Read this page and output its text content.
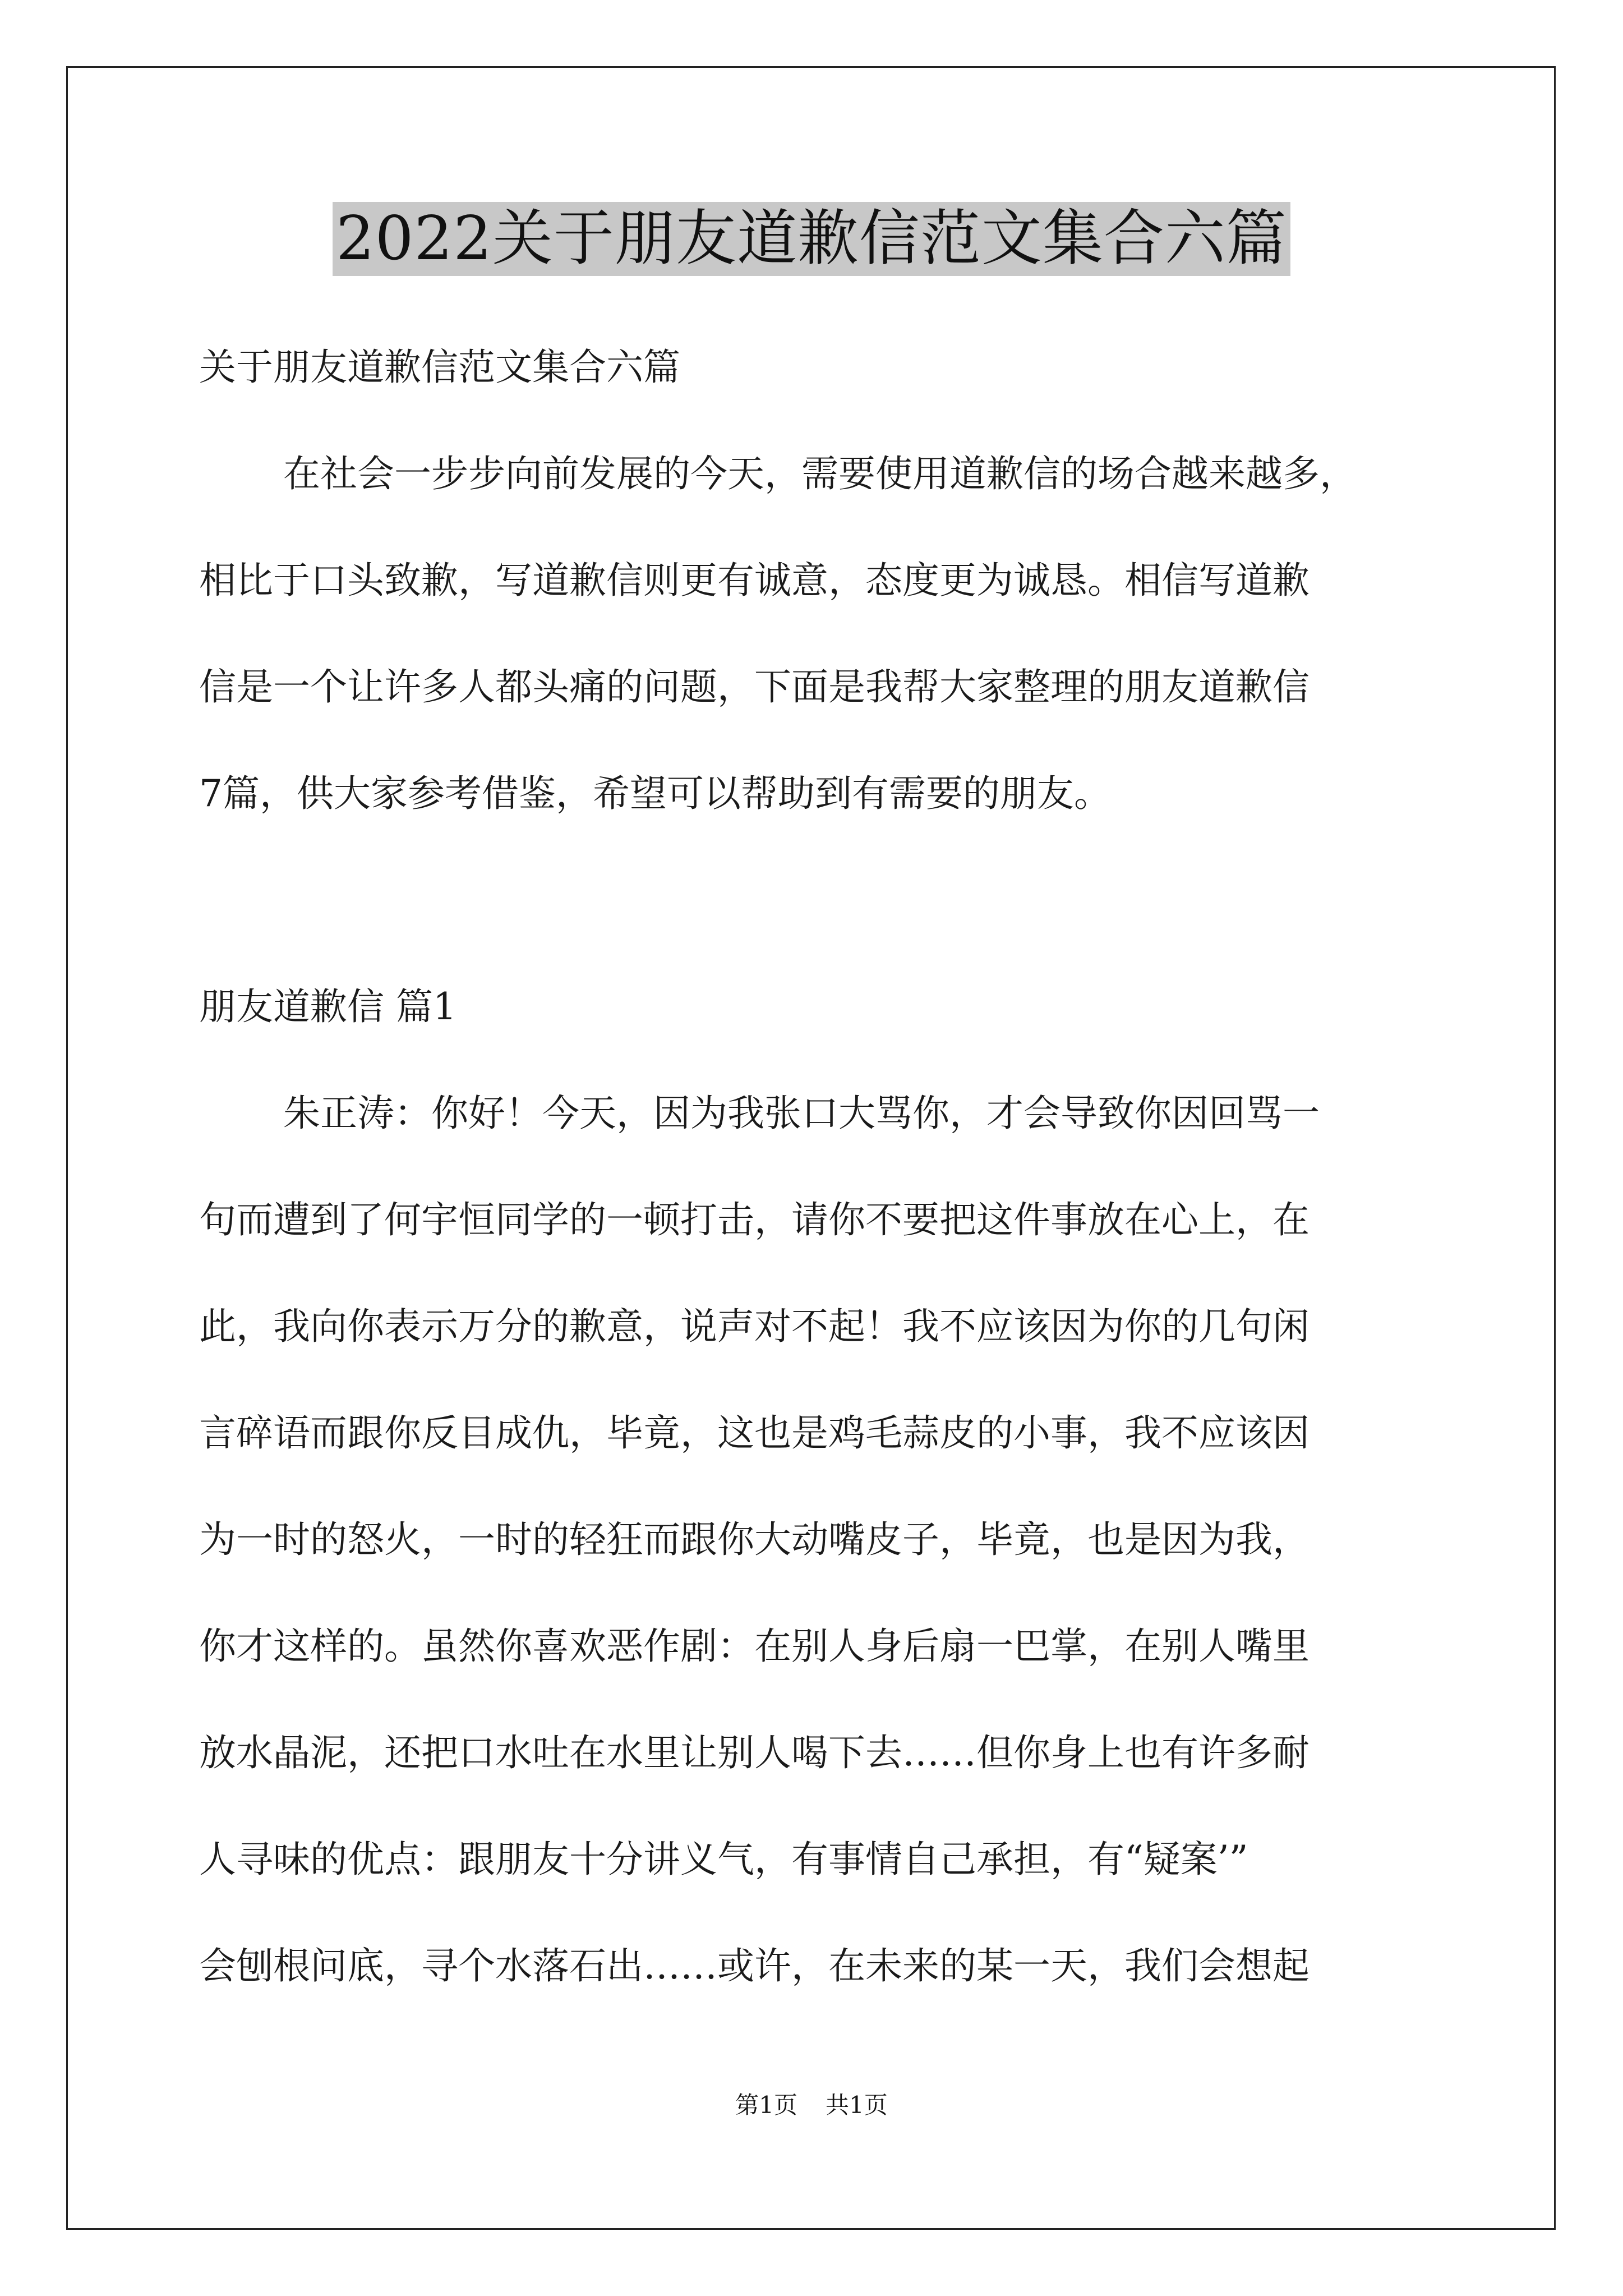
2022关于朋友道歉信范文集合六篇
关于朋友道歉信范文集合六篇
在社会一步步向前发展的今天，需要使用道歉信的场合越来越多，
相比于口头致歉，写道歉信则更有诚意，态度更为诚恳。相信写道歉
信是一个让许多人都头痛的问题，下面是我帮大家整理的朋友道歉信
7篇，供大家参考借鉴，希望可以帮助到有需要的朋友。
朋友道歉信 篇1
朱正涛：你好！今天，因为我张口大骂你，才会导致你因回骂一
句而遭到了何宇恒同学的一顿打击，请你不要把这件事放在心上，在
此，我向你表示万分的歉意，说声对不起！我不应该因为你的几句闲
言碎语而跟你反目成仇，毕竟，这也是鸡毛蒜皮的小事，我不应该因
为一时的怒火，一时的轻狂而跟你大动嘴皮子，毕竟，也是因为我，
你才这样的。虽然你喜欢恶作剧：在别人身后扇一巴掌，在别人嘴里
放水晶泥，还把口水吐在水里让别人喝下去……但你身上也有许多耐
人寻味的优点：跟朋友十分讲义气，有事情自己承担，有“疑案’”
会刨根问底，寻个水落石出……或许，在未来的某一天，我们会想起
第1页 共1页
